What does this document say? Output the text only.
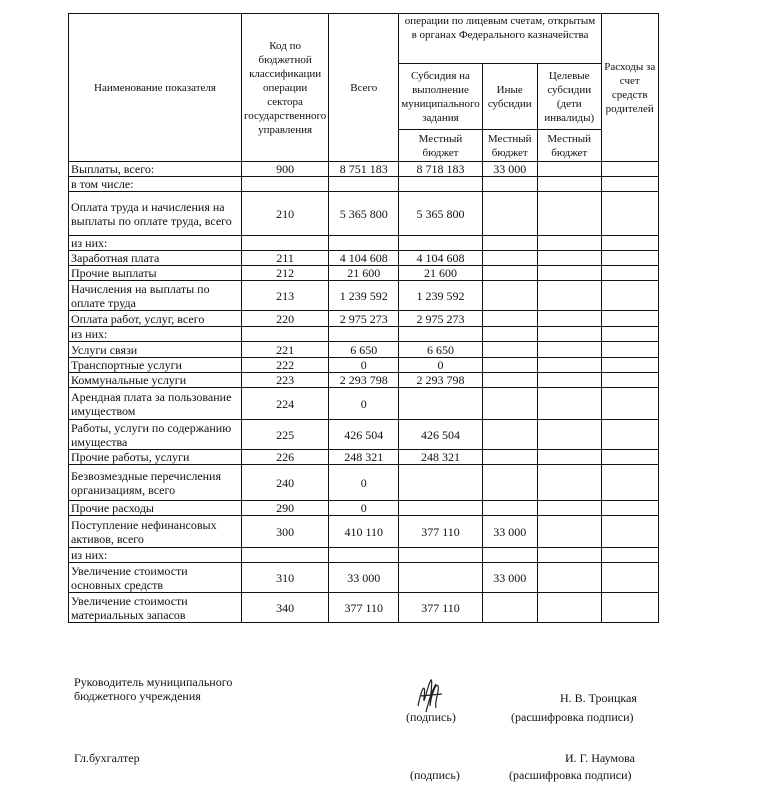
Наименование показателя	Код по бюджетной классификации операции сектора государственного управления	Всего	операции по лицевым счетам, открытым в органах Федерального казначейства			Расходы за счет средств родителей
			Субсидия на выполнение муниципального задания	Иные субсидии	Целевые субсидии (дети инвалиды)	
			Местный бюджет	Местный бюджет	Местный бюджет	
Выплаты, всего:	900	8 751 183	8 718 183	33 000		
в том числе:						
Оплата труда и начисления на выплаты по оплате труда, всего	210	5 365 800	5 365 800			
из них:						
Заработная плата	211	4 104 608	4 104 608			
Прочие выплаты	212	21 600	21 600			
Начисления на выплаты по оплате труда	213	1 239 592	1 239 592			
Оплата работ, услуг, всего	220	2 975 273	2 975 273			
из них:						
Услуги связи	221	6 650	6 650			
Транспортные услуги	222	0	0			
Коммунальные услуги	223	2 293 798	2 293 798			
Арендная плата за пользование имуществом	224	0				
Работы, услуги по содержанию имущества	225	426 504	426 504			
Прочие работы, услуги	226	248 321	248 321			
Безвозмездные перечисления организациям, всего	240	0				
Прочие расходы	290	0				
Поступление нефинансовых активов, всего	300	410 110	377 110	33 000		
из них:						
Увеличение стоимости основных средств	310	33 000		33 000		
Увеличение стоимости материальных запасов	340	377 110	377 110			
Руководитель муниципального бюджетного учреждения	Н. В. Троицкая
(подпись)	(расшифровка подписи)
Гл.бухгалтер	И. Г. Наумова
(подпись)	(расшифровка подписи)
